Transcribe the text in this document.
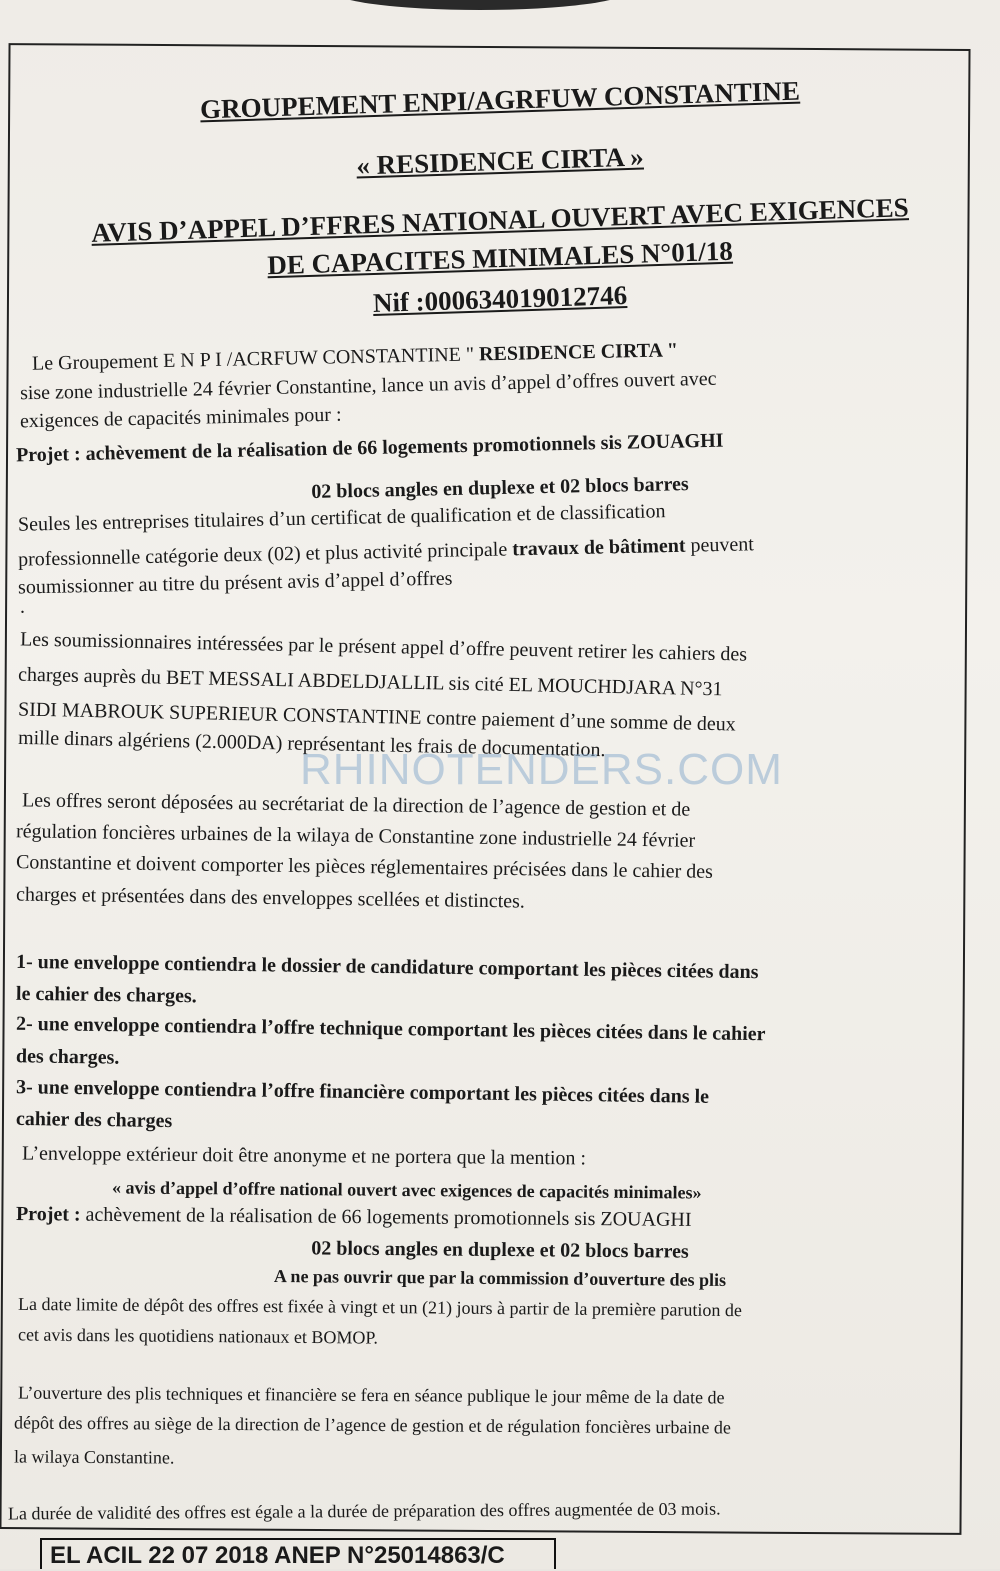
GROUPEMENT ENPI/AGRFUW CONSTANTINE
« RESIDENCE CIRTA »
AVIS D’APPEL D’FFRES NATIONAL OUVERT AVEC EXIGENCES
DE CAPACITES MINIMALES N°01/18
Nif :000634019012746
Le Groupement E N P I /ACRFUW CONSTANTINE " RESIDENCE CIRTA "
sise zone industrielle 24 février Constantine, lance un avis d’appel d’offres ouvert avec
exigences de capacités minimales pour :
Projet : achèvement de la réalisation de 66 logements promotionnels sis ZOUAGHI
02 blocs angles en duplexe et 02 blocs barres
Seules les entreprises titulaires d’un certificat de qualification et de classification
professionnelle catégorie deux (02) et plus activité principale travaux de bâtiment peuvent
soumissionner au titre du présent avis d’appel d’offres
.
Les soumissionnaires intéressées par le présent appel d’offre peuvent retirer les cahiers des
charges auprès du BET MESSALI ABDELDJALLIL sis cité EL MOUCHDJARA N°31
SIDI MABROUK SUPERIEUR CONSTANTINE contre paiement d’une somme de deux
mille dinars algériens (2.000DA) représentant les frais de documentation.
RHINOTENDERS.COM
Les offres seront déposées au secrétariat de la direction de l’agence de gestion et de
régulation foncières urbaines de la wilaya de Constantine zone industrielle 24 février
Constantine et doivent comporter les pièces réglementaires précisées dans le cahier des
charges et présentées dans des enveloppes scellées et distinctes.
1- une enveloppe contiendra le dossier de candidature comportant les pièces citées dans
le cahier des charges.
2- une enveloppe contiendra l’offre technique comportant les pièces citées dans le cahier
des charges.
3- une enveloppe contiendra l’offre financière comportant les pièces citées dans le
cahier des charges
L’enveloppe extérieur doit être anonyme et ne portera que la mention :
« avis d’appel d’offre national ouvert avec exigences de capacités minimales»
Projet : achèvement de la réalisation de 66 logements promotionnels sis ZOUAGHI
02 blocs angles en duplexe et 02 blocs barres
A ne pas ouvrir que par la commission d’ouverture des plis
La date limite de dépôt des offres est fixée à vingt et un (21) jours à partir de la première parution de
cet avis dans les quotidiens nationaux et BOMOP.
L’ouverture des plis techniques et financière se fera en séance publique le jour même de la date de
dépôt des offres au siège de la direction de l’agence de gestion et de régulation foncières urbaine de
la wilaya Constantine.
La durée de validité des offres est égale a la durée de préparation des offres augmentée de 03 mois.
EL ACIL 22 07 2018 ANEP N°25014863/C
